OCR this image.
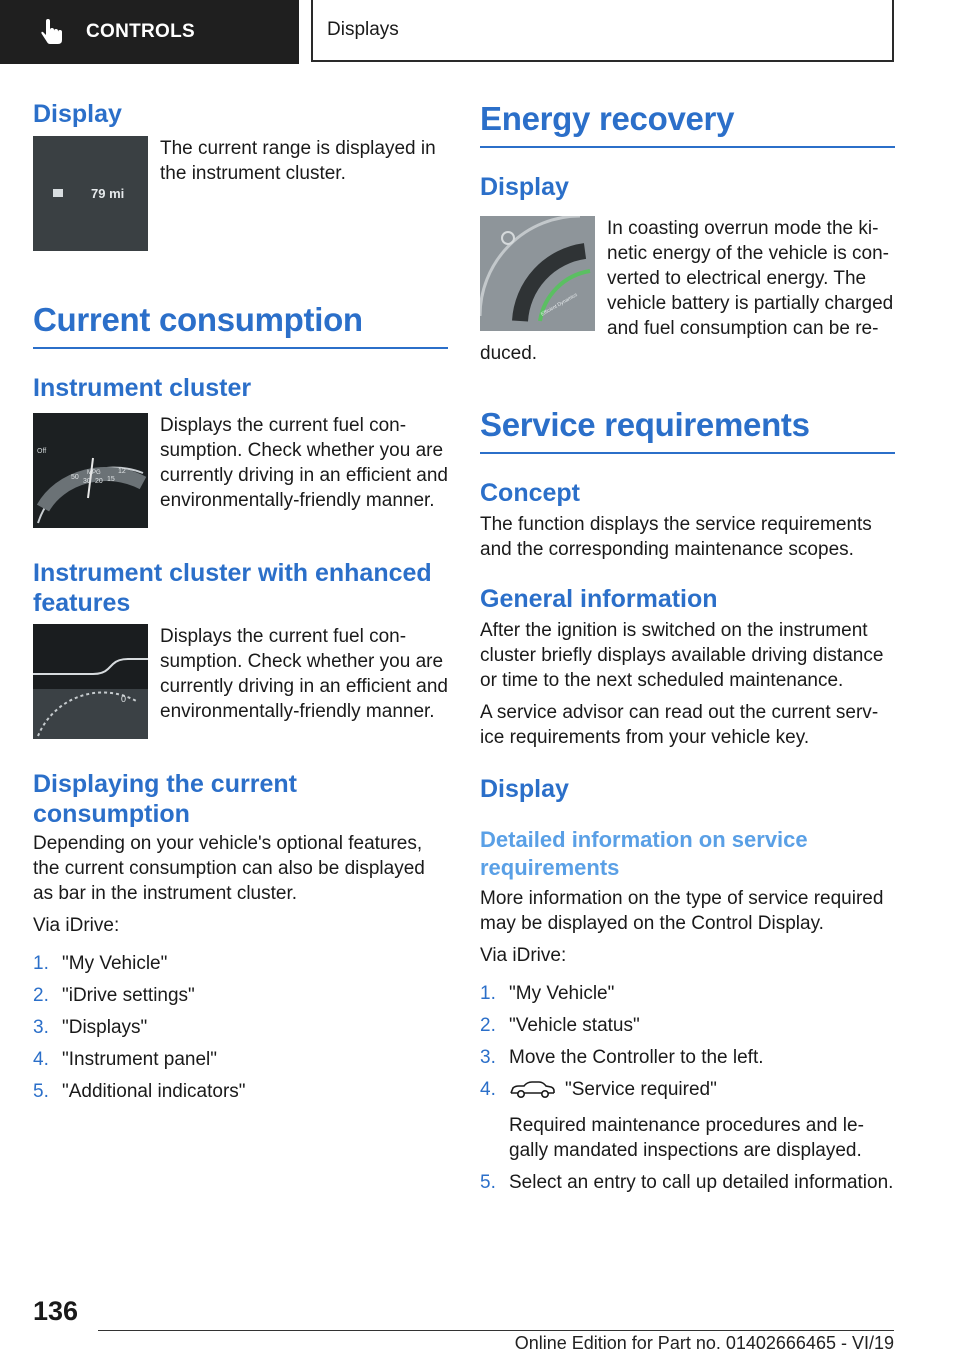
CONTROLS	Displays
Display
79 mi

The current range is displayed in the instrument cluster.

Current consumption
Instrument cluster
Off
50
MPG
30 20 15
12

Displays the current fuel consumption. Check whether you are currently driving in an efficient and environmentally-friendly manner.

Instrument cluster with enhanced features
0

Displays the current fuel consumption. Check whether you are currently driving in an efficient and environmentally-friendly manner.

Displaying the current consumption

Depending on your vehicle's optional features, the current consumption can also be displayed as bar in the instrument cluster.

Via iDrive:

1. "My Vehicle"
2. "iDrive settings"
3. "Displays"
4. "Instrument panel"
5. "Additional indicators"
Energy recovery
Display
Efficient Dynamics

In coasting overrun mode the kinetic energy of the vehicle is converted to electrical energy. The vehicle battery is partially charged and fuel consumption can be reduced.

Service requirements
Concept

The function displays the service requirements and the corresponding maintenance scopes.

General information

After the ignition is switched on the instrument cluster briefly displays available driving distance or time to the next scheduled maintenance.

A service advisor can read out the current service requirements from your vehicle key.

Display
Detailed information on service requirements

More information on the type of service required may be displayed on the Control Display.

Via iDrive:

1. "My Vehicle"
2. "Vehicle status"
3. Move the Controller to the left.
4.	"Service required"
Required maintenance procedures and legally mandated inspections are displayed.
5. Select an entry to call up detailed information.
136
Online Edition for Part no. 01402666465 - VI/19
